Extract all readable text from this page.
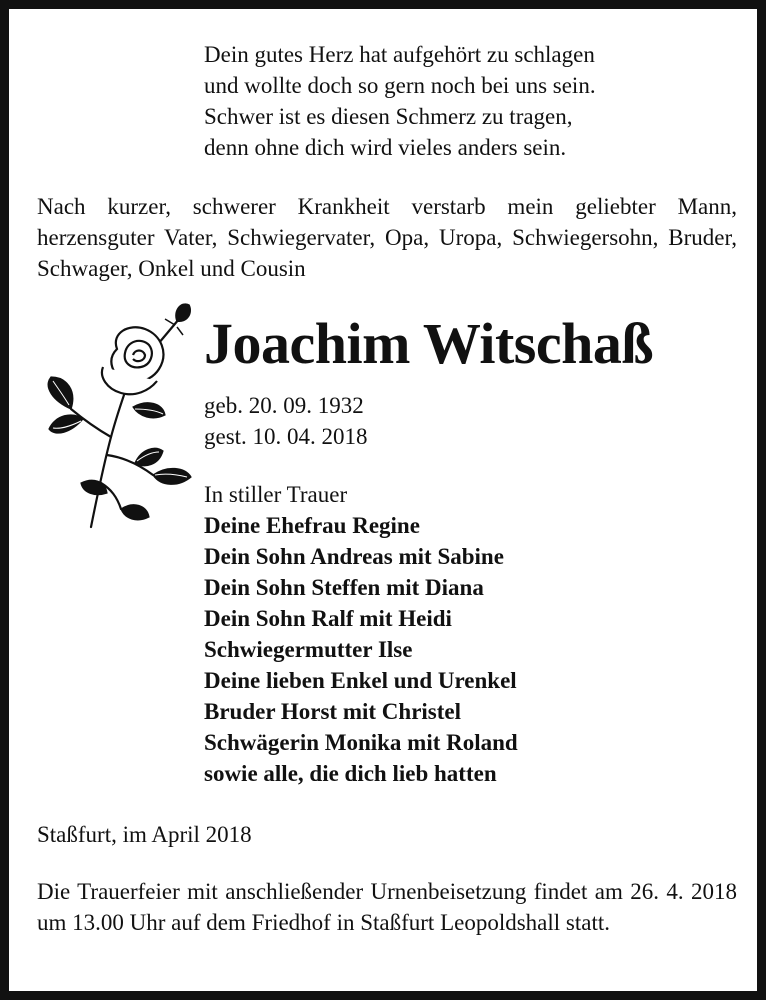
Dein gutes Herz hat aufgehört zu schlagen
und wollte doch so gern noch bei uns sein.
Schwer ist es diesen Schmerz zu tragen,
denn ohne dich wird vieles anders sein.
Nach kurzer, schwerer Krankheit verstarb mein geliebter Mann, herzensguter Vater, Schwiegervater, Opa, Uropa, Schwiegersohn, Bruder, Schwager, Onkel und Cousin
Joachim Witschaß
geb. 20. 09. 1932
gest. 10. 04. 2018
In stiller Trauer
Deine Ehefrau Regine
Dein Sohn Andreas mit Sabine
Dein Sohn Steffen mit Diana
Dein Sohn Ralf mit Heidi
Schwiegermutter Ilse
Deine lieben Enkel und Urenkel
Bruder Horst mit Christel
Schwägerin Monika mit Roland
sowie alle, die dich lieb hatten
Staßfurt, im April 2018
Die Trauerfeier mit anschließender Urnenbeisetzung findet am 26. 4. 2018 um 13.00 Uhr auf dem Friedhof in Staßfurt Leopoldshall statt.
